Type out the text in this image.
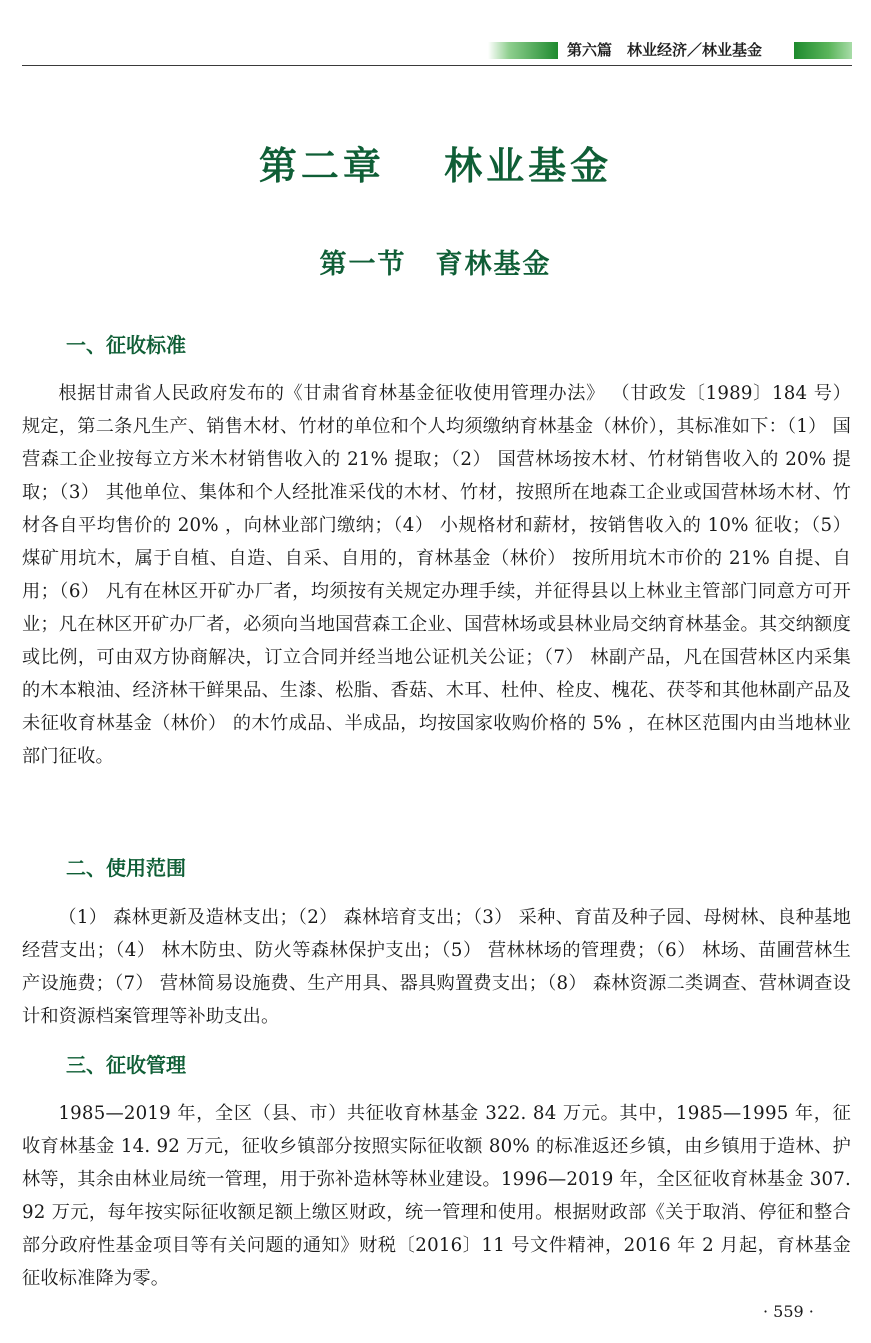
第六篇　林业经济／林业基金
第二章　 林业基金
第一节　育林基金
一、征收标准
根据甘肃省人民政府发布的《甘肃省育林基金征收使用管理办法》 （甘政发〔1989〕184 号）规定，第二条凡生产、销售木材、竹材的单位和个人均须缴纳育林基金（林价），其标准如下：（1） 国营森工企业按每立方米木材销售收入的 21% 提取；（2） 国营林场按木材、竹材销售收入的 20% 提取；（3） 其他单位、集体和个人经批准采伐的木材、竹材，按照所在地森工企业或国营林场木材、竹材各自平均售价的 20% ，向林业部门缴纳；（4） 小规格材和薪材，按销售收入的 10% 征收；（5） 煤矿用坑木，属于自植、自造、自采、自用的，育林基金（林价） 按所用坑木市价的 21% 自提、自用；（6） 凡有在林区开矿办厂者，均须按有关规定办理手续，并征得县以上林业主管部门同意方可开业；凡在林区开矿办厂者，必须向当地国营森工企业、国营林场或县林业局交纳育林基金。其交纳额度或比例，可由双方协商解决，订立合同并经当地公证机关公证；（7） 林副产品，凡在国营林区内采集的木本粮油、经济林干鲜果品、生漆、松脂、香菇、木耳、杜仲、栓皮、槐花、茯苓和其他林副产品及未征收育林基金（林价） 的木竹成品、半成品，均按国家收购价格的 5% ，在林区范围内由当地林业部门征收。
二、使用范围
（1） 森林更新及造林支出；（2） 森林培育支出；（3） 采种、育苗及种子园、母树林、良种基地经营支出；（4） 林木防虫、防火等森林保护支出；（5） 营林林场的管理费；（6） 林场、苗圃营林生产设施费；（7） 营林简易设施费、生产用具、器具购置费支出；（8） 森林资源二类调查、营林调查设计和资源档案管理等补助支出。
三、征收管理
1985—2019 年，全区（县、市）共征收育林基金 322. 84 万元。其中，1985—1995 年，征收育林基金 14. 92 万元，征收乡镇部分按照实际征收额 80% 的标准返还乡镇，由乡镇用于造林、护林等，其余由林业局统一管理，用于弥补造林等林业建设。1996—2019 年，全区征收育林基金 307. 92 万元，每年按实际征收额足额上缴区财政，统一管理和使用。根据财政部《关于取消、停征和整合部分政府性基金项目等有关问题的通知》财税〔2016〕11 号文件精神，2016 年 2 月起，育林基金征收标准降为零。
· 559 ·
